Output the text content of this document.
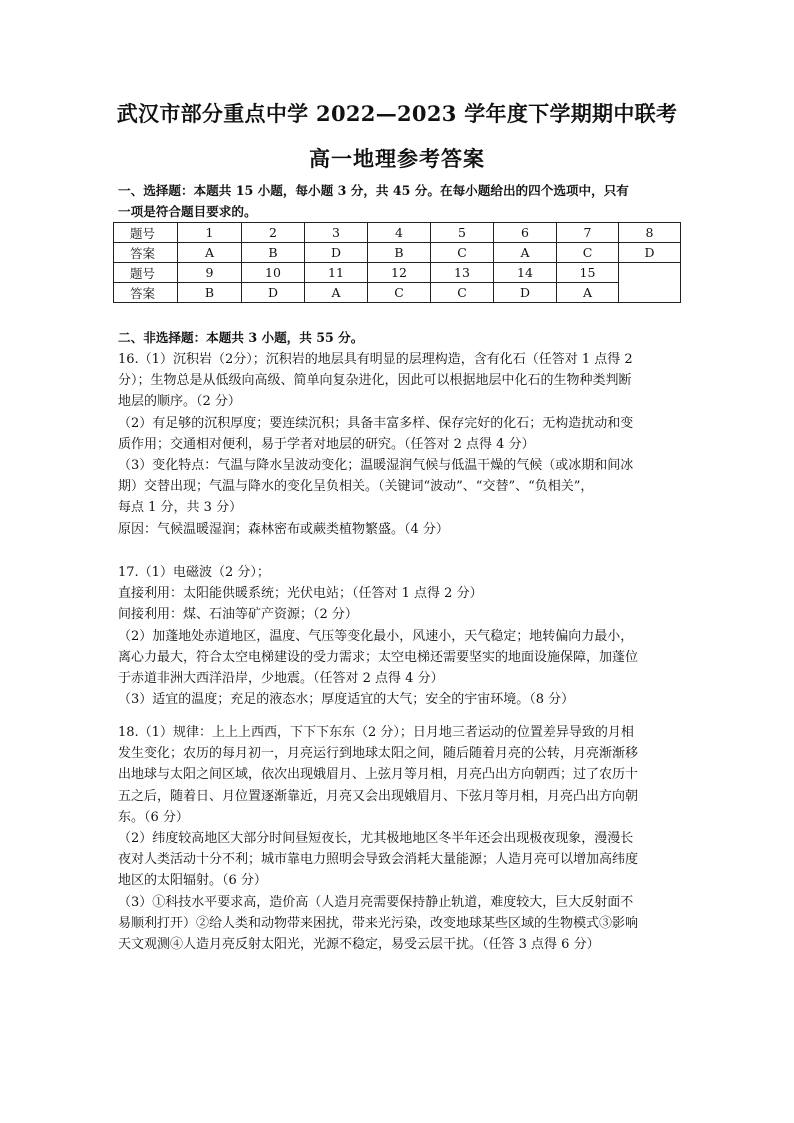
武汉市部分重点中学 2022—2023 学年度下学期期中联考
高一地理参考答案
一、选择题：本题共 15 小题，每小题 3 分，共 45 分。在每小题给出的四个选项中，只有
一项是符合题目要求的。
题号	1	2	3	4	5	6	7	8
答案	A	B	D	B	C	A	C	D
题号	9	10	11	12	13	14	15	
答案	B	D	A	C	C	D	A	
二、非选择题：本题共 3 小题，共 55 分。

16.（1）沉积岩（2分）；沉积岩的地层具有明显的层理构造，含有化石（任答对 1 点得 2

分）；生物总是从低级向高级、简单向复杂进化，因此可以根据地层中化石的生物种类判断

地层的顺序。（2 分）

（2）有足够的沉积厚度；要连续沉积；具备丰富多样、保存完好的化石；无构造扰动和变

质作用；交通相对便利，易于学者对地层的研究。（任答对 2 点得 4 分）

（3）变化特点：气温与降水呈波动变化；温暖湿润气候与低温干燥的气候（或冰期和间冰

期）交替出现；气温与降水的变化呈负相关。（关键词“波动”、“交替”、“负相关”，

每点 1 分，共 3 分）

原因：气候温暖湿润；森林密布或蕨类植物繁盛。（4 分）

17.（1）电磁波（2 分）；

直接利用：太阳能供暖系统；光伏电站；（任答对 1 点得 2 分）

间接利用：煤、石油等矿产资源；（2 分）

（2）加蓬地处赤道地区，温度、气压等变化最小，风速小，天气稳定；地转偏向力最小，

离心力最大，符合太空电梯建设的受力需求；太空电梯还需要坚实的地面设施保障，加蓬位

于赤道非洲大西洋沿岸，少地震。（任答对 2 点得 4 分）

（3）适宜的温度；充足的液态水；厚度适宜的大气；安全的宇宙环境。（8 分）

18.（1）规律：上上上西西，下下下东东（2 分）；日月地三者运动的位置差异导致的月相

发生变化；农历的每月初一，月亮运行到地球太阳之间，随后随着月亮的公转，月亮渐渐移

出地球与太阳之间区域，依次出现娥眉月、上弦月等月相，月亮凸出方向朝西；过了农历十

五之后，随着日、月位置逐渐靠近，月亮又会出现娥眉月、下弦月等月相，月亮凸出方向朝

东。（6 分）

（2）纬度较高地区大部分时间昼短夜长，尤其极地地区冬半年还会出现极夜现象，漫漫长

夜对人类活动十分不利；城市靠电力照明会导致会消耗大量能源；人造月亮可以增加高纬度

地区的太阳辐射。（6 分）

（3）①科技水平要求高，造价高（人造月亮需要保持静止轨道，难度较大，巨大反射面不

易顺利打开）②给人类和动物带来困扰，带来光污染，改变地球某些区域的生物模式③影响

天文观测④人造月亮反射太阳光，光源不稳定，易受云层干扰。（任答 3 点得 6 分）
